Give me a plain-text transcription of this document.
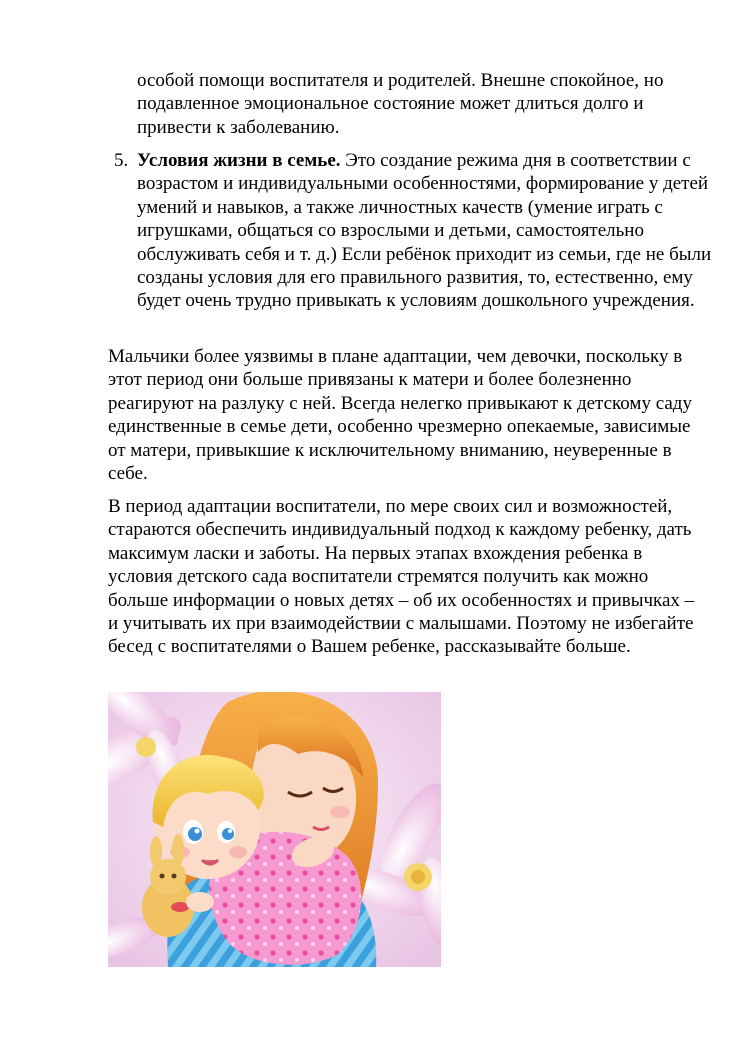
особой помощи воспитателя и родителей. Внешне спокойное, но подавленное эмоциональное состояние может длиться долго и привести к заболеванию.
5. Условия жизни в семье. Это создание режима дня в соответствии с возрастом и индивидуальными особенностями, формирование у детей умений и навыков, а также личностных качеств (умение играть с игрушками, общаться со взрослыми и детьми, самостоятельно обслуживать себя и т. д.) Если ребёнок приходит из семьи, где не были созданы условия для его правильного развития, то, естественно, ему будет очень трудно привыкать к условиям дошкольного учреждения.
Мальчики более уязвимы в плане адаптации, чем девочки, поскольку в этот период они больше привязаны к матери и более болезненно реагируют на разлуку с ней. Всегда нелегко привыкают к детскому саду единственные в семье дети, особенно чрезмерно опекаемые, зависимые от матери, привыкшие к исключительному вниманию, неуверенные в себе.
В период адаптации воспитатели, по мере своих сил и возможностей, стараются обеспечить индивидуальный подход к каждому ребенку, дать максимум ласки и заботы. На первых этапах вхождения ребенка в условия детского сада воспитатели стремятся получить как можно больше информации о новых детях – об их особенностях и привычках – и учитывать их при взаимодействии с малышами. Поэтому не избегайте бесед с воспитателями о Вашем ребенке, рассказывайте больше.
